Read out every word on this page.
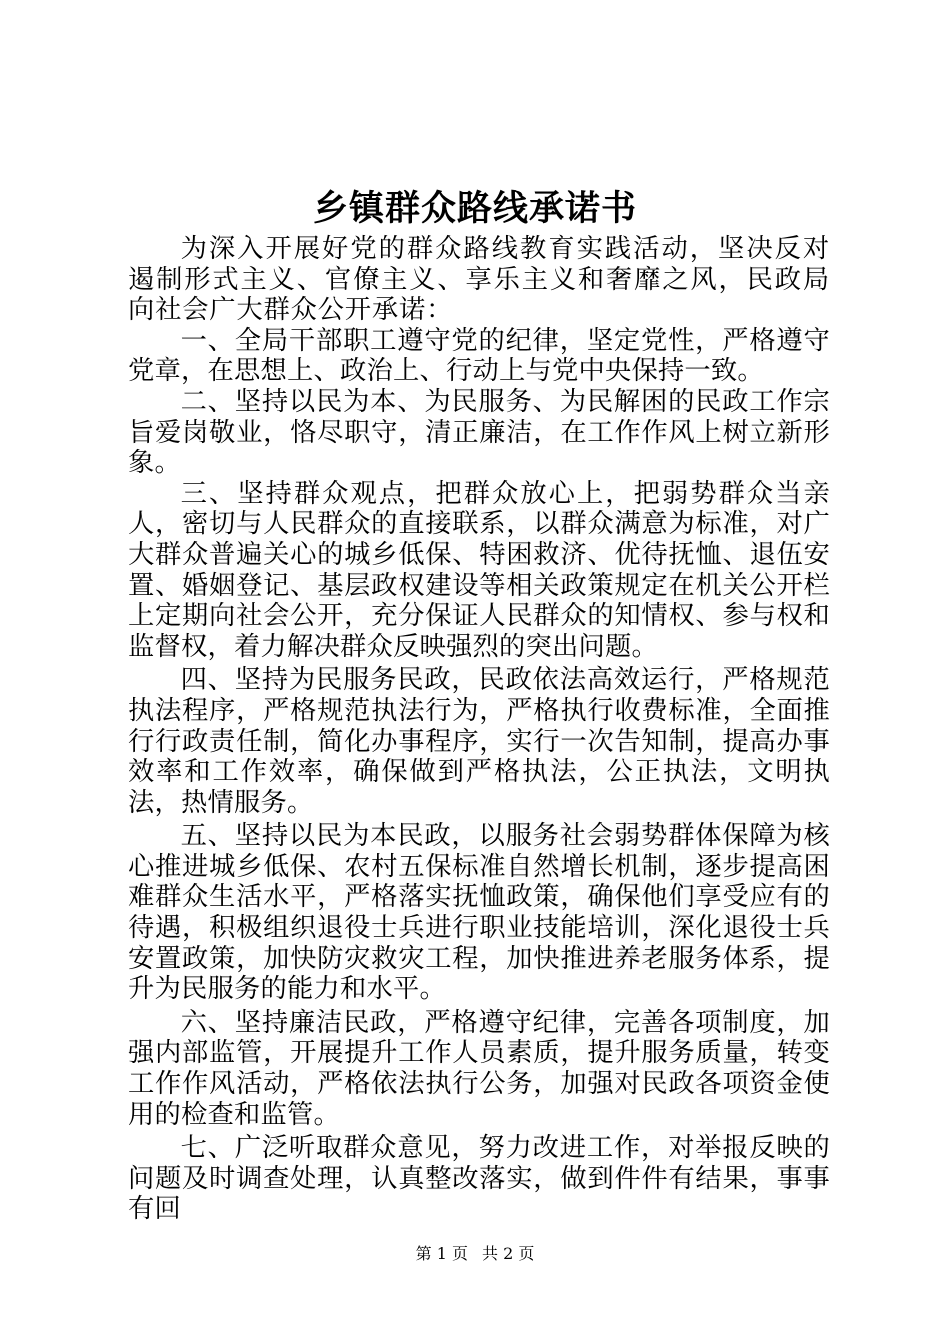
乡镇群众路线承诺书

为深入开展好党的群众路线教育实践活动，坚决反对遏制形式主义、官僚主义、享乐主义和奢靡之风，民政局向社会广大群众公开承诺：

一、全局干部职工遵守党的纪律，坚定党性，严格遵守党章，在思想上、政治上、行动上与党中央保持一致。

二、坚持以民为本、为民服务、为民解困的民政工作宗旨爱岗敬业，恪尽职守，清正廉洁，在工作作风上树立新形象。

三、坚持群众观点，把群众放心上，把弱势群众当亲人，密切与人民群众的直接联系，以群众满意为标准，对广大群众普遍关心的城乡低保、特困救济、优待抚恤、退伍安置、婚姻登记、基层政权建设等相关政策规定在机关公开栏上定期向社会公开，充分保证人民群众的知情权、参与权和监督权，着力解决群众反映强烈的突出问题。

四、坚持为民服务民政，民政依法高效运行，严格规范执法程序，严格规范执法行为，严格执行收费标准，全面推行行政责任制，简化办事程序，实行一次告知制，提高办事效率和工作效率，确保做到严格执法，公正执法，文明执法，热情服务。

五、坚持以民为本民政，以服务社会弱势群体保障为核心推进城乡低保、农村五保标准自然增长机制，逐步提高困难群众生活水平，严格落实抚恤政策，确保他们享受应有的待遇，积极组织退役士兵进行职业技能培训，深化退役士兵安置政策，加快防灾救灾工程，加快推进养老服务体系，提升为民服务的能力和水平。

六、坚持廉洁民政，严格遵守纪律，完善各项制度，加强内部监管，开展提升工作人员素质，提升服务质量，转变工作作风活动，严格依法执行公务，加强对民政各项资金使用的检查和监管。

七、广泛听取群众意见，努力改进工作，对举报反映的问题及时调查处理，认真整改落实，做到件件有结果，事事有回

第 1 页 共 2 页
